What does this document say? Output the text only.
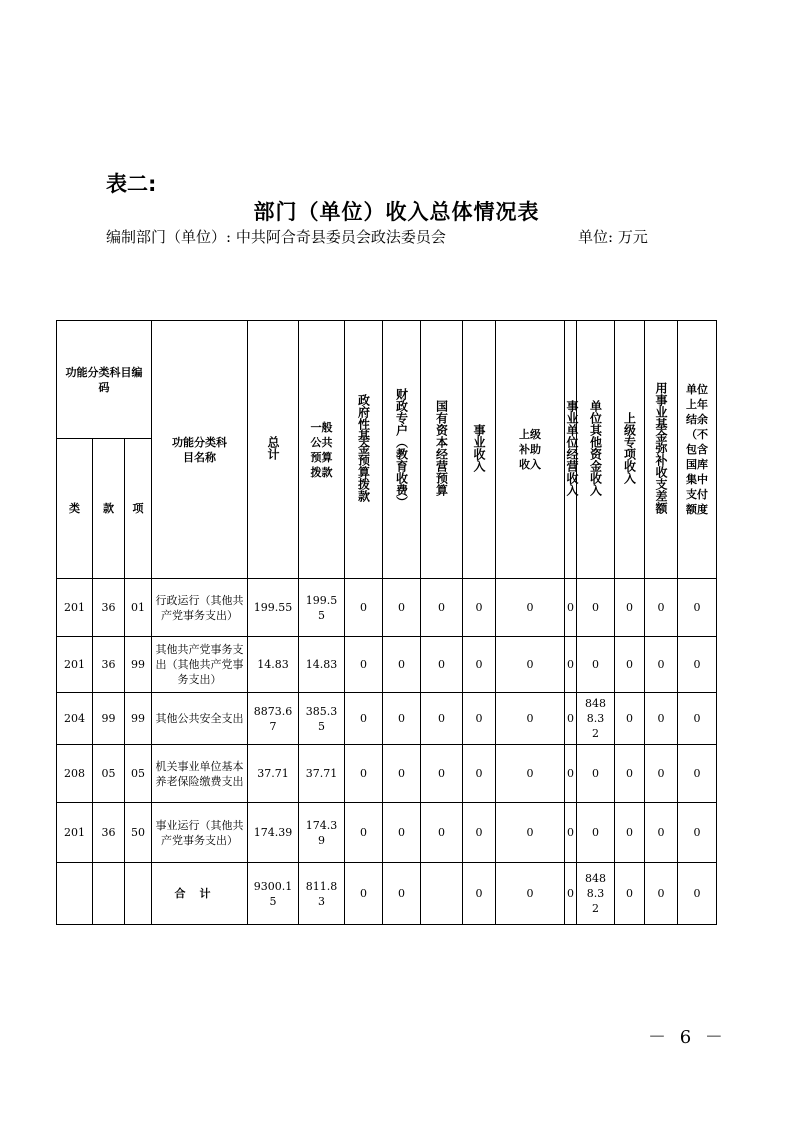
表二:
部门（单位）收入总体情况表
编制部门（单位）: 中共阿合奇县委员会政法委员会	单位: 万元
功能分类科目编码			功能分类科目名称	总计	一般公共预算拨款	政府性基金预算拨款	财政专户（教育收费）	国有资本经营预算	事业收入	上级补助收入	事业单位经营收入	单位其他资金收入	上级专项收入	用事业基金弥补收支差额	单位上年结余（不包含国库集中支付额度
类	款	项													
201	36	01	行政运行（其他共产党事务支出）	199.55	199.55	0	0	0	0	0	0	0	0	0	0
201	36	99	其他共产党事务支出（其他共产党事务支出）	14.83	14.83	0	0	0	0	0	0	0	0	0	0
204	99	99	其他公共安全支出	8873.67	385.35	0	0	0	0	0	0	8488.32	0	0	0
208	05	05	机关事业单位基本养老保险缴费支出	37.71	37.71	0	0	0	0	0	0	0	0	0	0
201	36	50	事业运行（其他共产党事务支出）	174.39	174.39	0	0	0	0	0	0	0	0	0	0
			合计	9300.15	811.83	0	0		0	0	0	8488.32	0	0	0
－ 6 －
